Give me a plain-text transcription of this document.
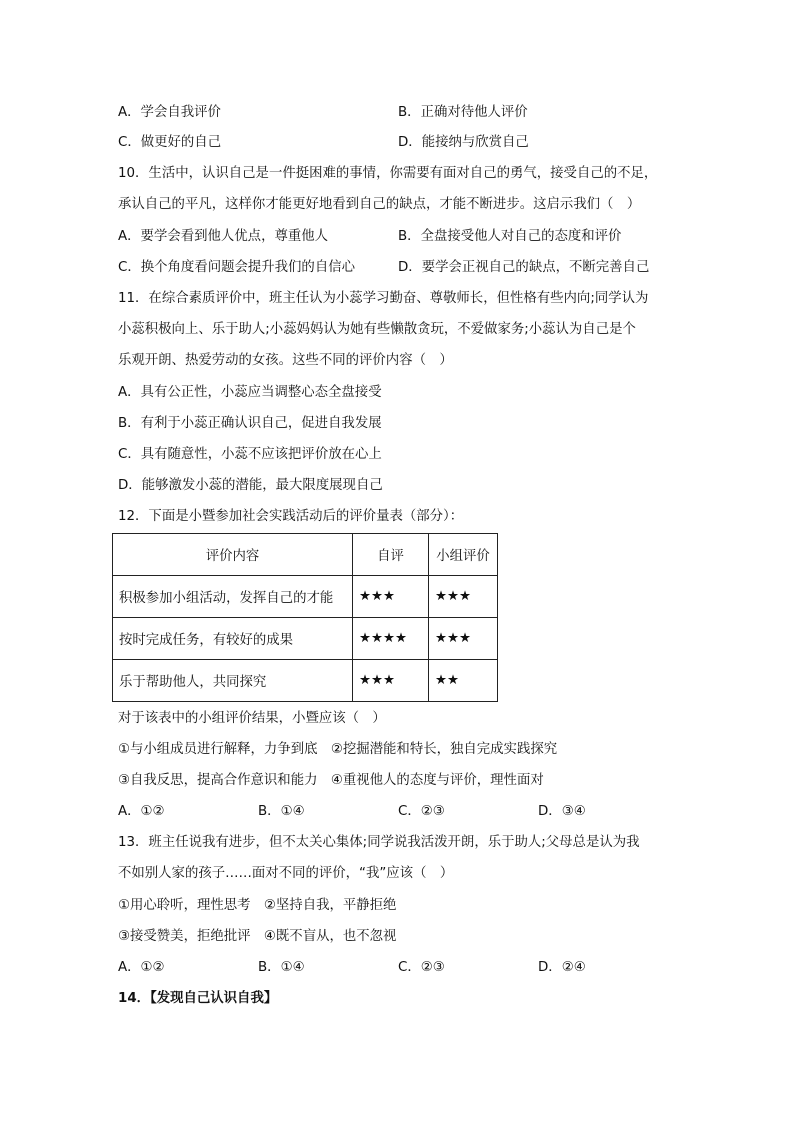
A．学会自我评价	B．正确对待他人评价
C．做更好的自己	D．能接纳与欣赏自己
10．生活中，认识自己是一件挺困难的事情，你需要有面对自己的勇气，接受自己的不足，
承认自己的平凡，这样你才能更好地看到自己的缺点，才能不断进步。这启示我们（　）
A．要学会看到他人优点，尊重他人	B．全盘接受他人对自己的态度和评价
C．换个角度看问题会提升我们的自信心	D．要学会正视自己的缺点，不断完善自己
11．在综合素质评价中，班主任认为小蕊学习勤奋、尊敬师长，但性格有些内向;同学认为
小蕊积极向上、乐于助人;小蕊妈妈认为她有些懒散贪玩，不爱做家务;小蕊认为自己是个
乐观开朗、热爱劳动的女孩。这些不同的评价内容（　）
A．具有公正性，小蕊应当调整心态全盘接受
B．有利于小蕊正确认识自己，促进自我发展
C．具有随意性，小蕊不应该把评价放在心上
D．能够激发小蕊的潜能，最大限度展现自己
12．下面是小暨参加社会实践活动后的评价量表（部分）：
评价内容	自评	小组评价
积极参加小组活动，发挥自己的才能	★★★	★★★
按时完成任务，有较好的成果	★★★★	★★★
乐于帮助他人，共同探究	★★★	★★
对于该表中的小组评价结果，小暨应该（　）
①与小组成员进行解释，力争到底　②挖掘潜能和特长，独自完成实践探究
③自我反思，提高合作意识和能力　④重视他人的态度与评价，理性面对
A．①②	B．①④	C．②③	D．③④
13．班主任说我有进步，但不太关心集体;同学说我活泼开朗，乐于助人;父母总是认为我
不如别人家的孩子……面对不同的评价，“我”应该（　）
①用心聆听，理性思考　②坚持自我，平静拒绝
③接受赞美，拒绝批评　④既不盲从，也不忽视
A．①②	B．①④	C．②③	D．②④
14．【发现自己认识自我】
